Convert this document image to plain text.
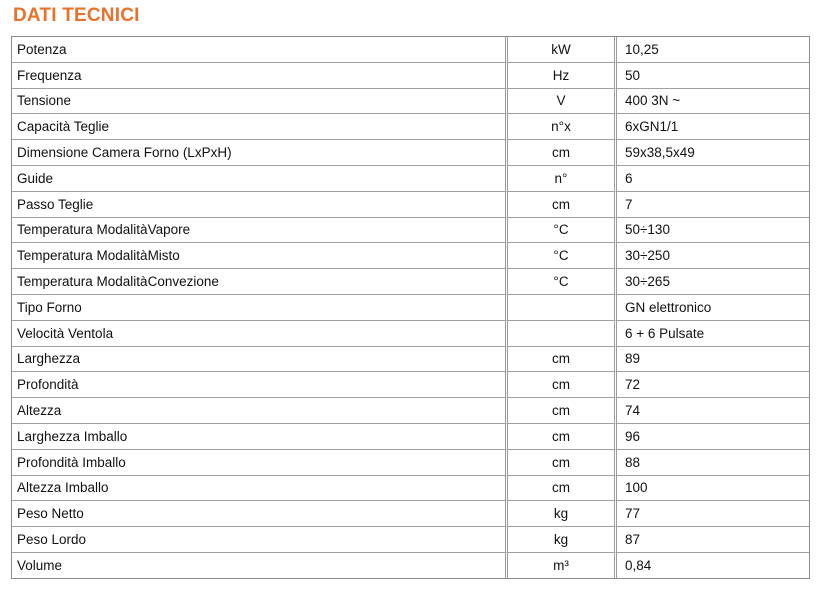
DATI TECNICI
Potenza	kW	10,25
Frequenza	Hz	50
Tensione	V	400 3N ~
Capacità Teglie	n°x	6xGN1/1
Dimensione Camera Forno (LxPxH)	cm	59x38,5x49
Guide	n°	6
Passo Teglie	cm	7
Temperatura ModalitàVapore	°C	50÷130
Temperatura ModalitàMisto	°C	30÷250
Temperatura ModalitàConvezione	°C	30÷265
Tipo Forno		GN elettronico
Velocità Ventola		6 + 6 Pulsate
Larghezza	cm	89
Profondità	cm	72
Altezza	cm	74
Larghezza Imballo	cm	96
Profondità Imballo	cm	88
Altezza Imballo	cm	100
Peso Netto	kg	77
Peso Lordo	kg	87
Volume	m³	0,84
